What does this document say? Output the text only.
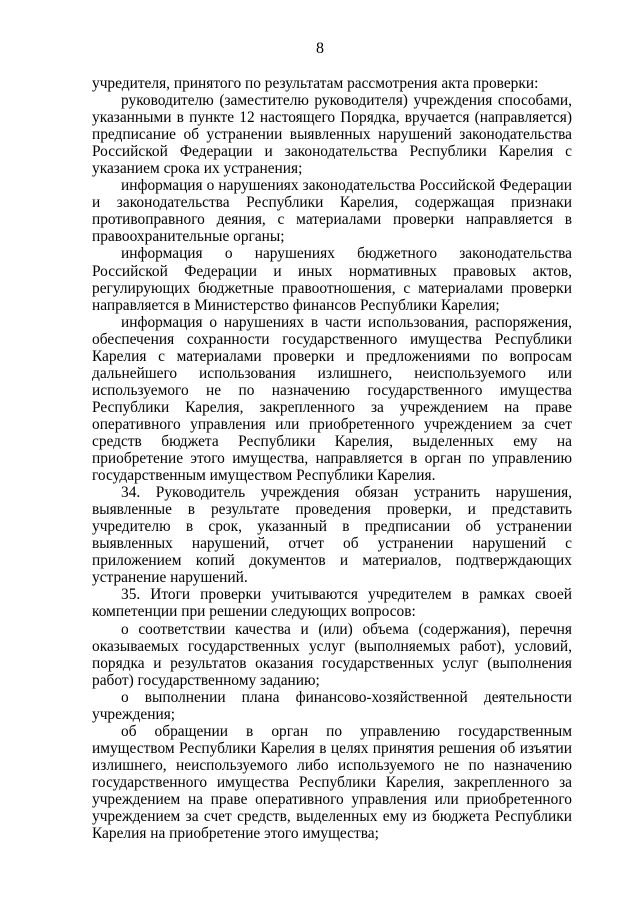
8

учредителя, принятого по результатам рассмотрения акта проверки:

руководителю (заместителю руководителя) учреждения способами, указанными в пункте 12 настоящего Порядка, вручается (направляется) предписание об устранении выявленных нарушений законодательства Российской Федерации и законодательства Республики Карелия с указанием срока их устранения;

информация о нарушениях законодательства Российской Федерации и законодательства Республики Карелия, содержащая признаки противоправного деяния, с материалами проверки направляется в правоохранительные органы;

информация о нарушениях бюджетного законодательства Российской Федерации и иных нормативных правовых актов, регулирующих бюджетные правоотношения, с материалами проверки направляется в Министерство финансов Республики Карелия;

информация о нарушениях в части использования, распоряжения, обеспечения сохранности государственного имущества Республики Карелия с материалами проверки и предложениями по вопросам дальнейшего использования излишнего, неиспользуемого или используемого не по назначению государственного имущества Республики Карелия, закрепленного за учреждением на праве оперативного управления или приобретенного учреждением за счет средств бюджета Республики Карелия, выделенных ему на приобретение этого имущества, направляется в орган по управлению государственным имуществом Республики Карелия.

34. Руководитель учреждения обязан устранить нарушения, выявленные в результате проведения проверки, и представить учредителю в срок, указанный в предписании об устранении выявленных нарушений, отчет об устранении нарушений с приложением копий документов и материалов, подтверждающих устранение нарушений.

35. Итоги проверки учитываются учредителем в рамках своей компетенции при решении следующих вопросов:

о соответствии качества и (или) объема (содержания), перечня оказываемых государственных услуг (выполняемых работ), условий, порядка и результатов оказания государственных услуг (выполнения работ) государственному заданию;

о выполнении плана финансово-хозяйственной деятельности учреждения;

об обращении в орган по управлению государственным имуществом Республики Карелия в целях принятия решения об изъятии излишнего, неиспользуемого либо используемого не по назначению государственного имущества Республики Карелия, закрепленного за учреждением на праве оперативного управления или приобретенного учреждением за счет средств, выделенных ему из бюджета Республики Карелия на приобретение этого имущества;
